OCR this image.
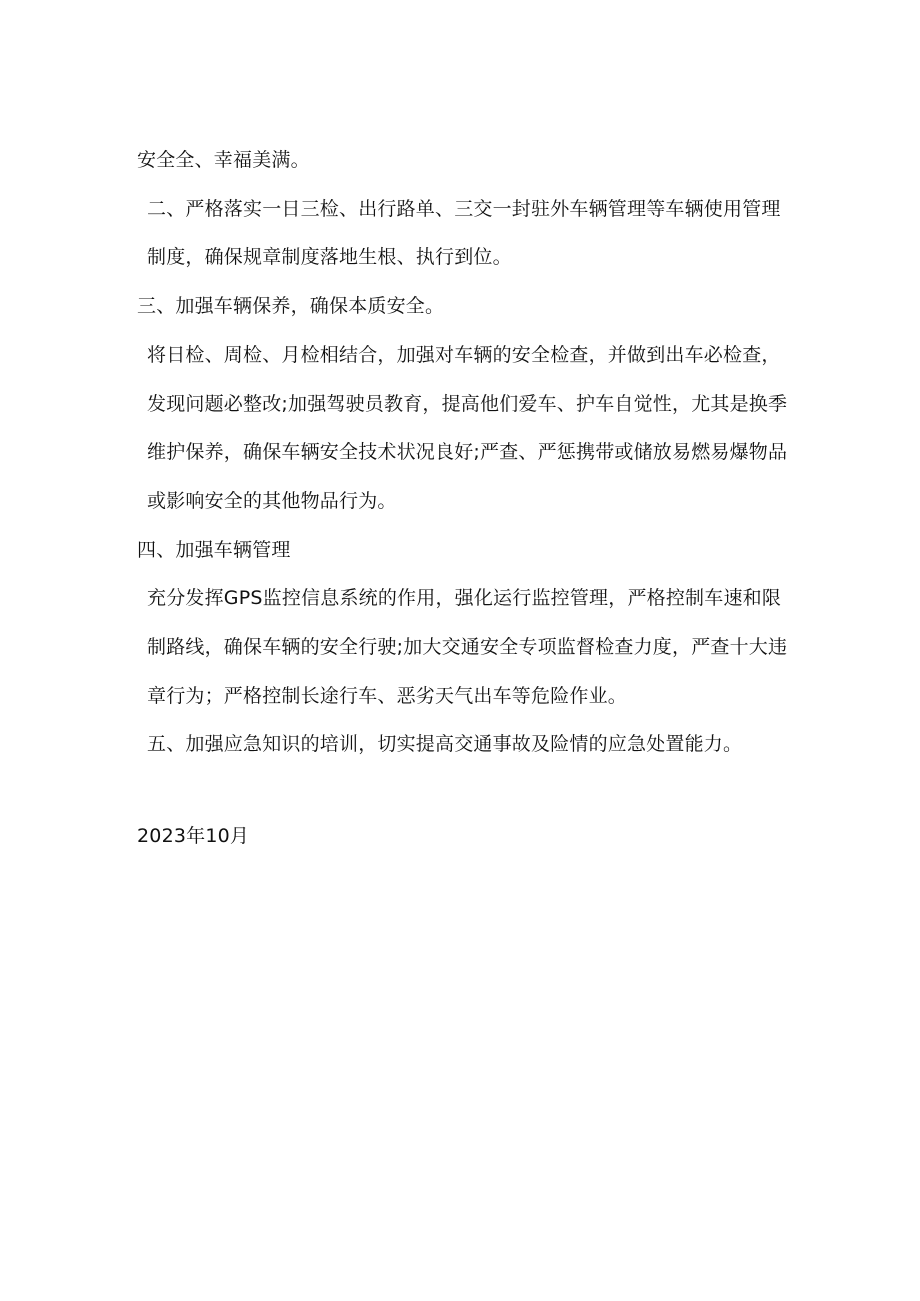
安全全、幸福美满。

二、严格落实一日三检、出行路单、三交一封驻外车辆管理等车辆使用管理制度，确保规章制度落地生根、执行到位。

三、加强车辆保养，确保本质安全。

将日检、周检、月检相结合，加强对车辆的安全检查，并做到出车必检查，发现问题必整改;加强驾驶员教育，提高他们爱车、护车自觉性，尤其是换季维护保养，确保车辆安全技术状况良好;严查、严惩携带或储放易燃易爆物品或影响安全的其他物品行为。

四、加强车辆管理

充分发挥GPS监控信息系统的作用，强化运行监控管理，严格控制车速和限制路线，确保车辆的安全行驶;加大交通安全专项监督检查力度，严查十大违章行为；严格控制长途行车、恶劣天气出车等危险作业。

五、加强应急知识的培训，切实提高交通事故及险情的应急处置能力。

2023年10月
